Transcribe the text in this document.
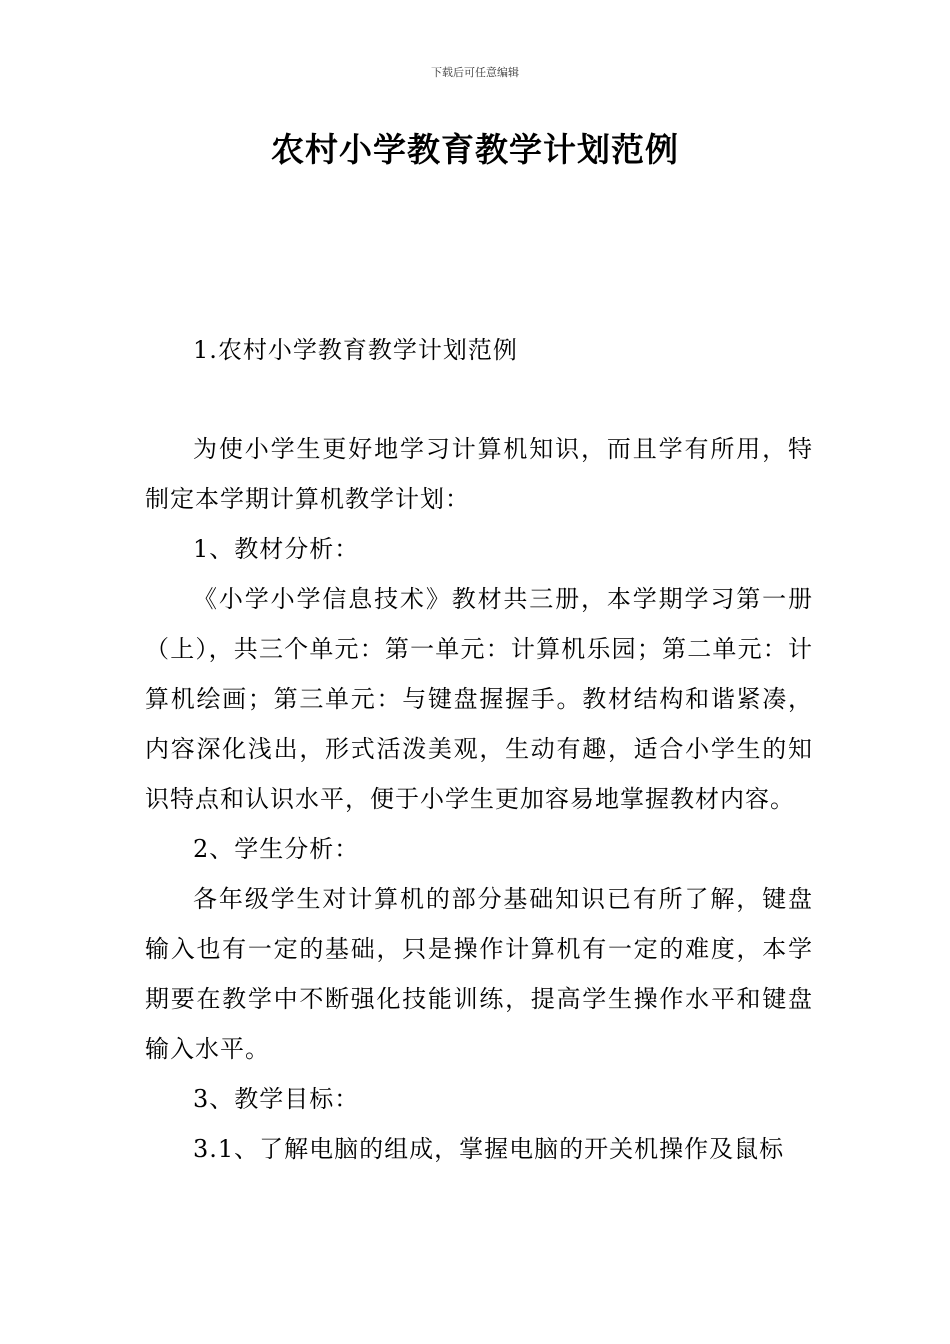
下载后可任意编辑
农村小学教育教学计划范例

1.农村小学教育教学计划范例

为使小学生更好地学习计算机知识，而且学有所用，特制定本学期计算机教学计划：

1、教材分析：

《小学小学信息技术》教材共三册，本学期学习第一册（上），共三个单元：第一单元：计算机乐园；第二单元：计算机绘画；第三单元：与键盘握握手。教材结构和谐紧凑，内容深化浅出，形式活泼美观，生动有趣，适合小学生的知识特点和认识水平，便于小学生更加容易地掌握教材内容。

2、学生分析：

各年级学生对计算机的部分基础知识已有所了解，键盘输入也有一定的基础，只是操作计算机有一定的难度，本学期要在教学中不断强化技能训练，提高学生操作水平和键盘输入水平。

3、教学目标：

3.1、了解电脑的组成，掌握电脑的开关机操作及鼠标
